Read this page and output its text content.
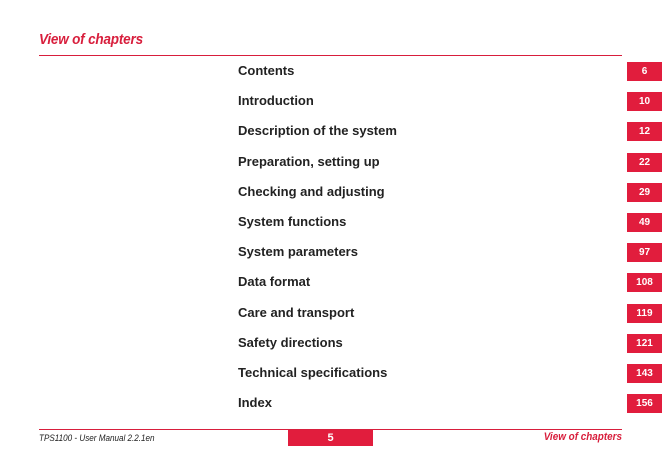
View of chapters
Contents	6
Introduction	10
Description of the system	12
Preparation, setting up	22
Checking and adjusting	29
System functions	49
System parameters	97
Data format	108
Care and transport	119
Safety directions	121
Technical specifications	143
Index	156
TPS1100 - User Manual 2.2.1en	5	View of chapters
